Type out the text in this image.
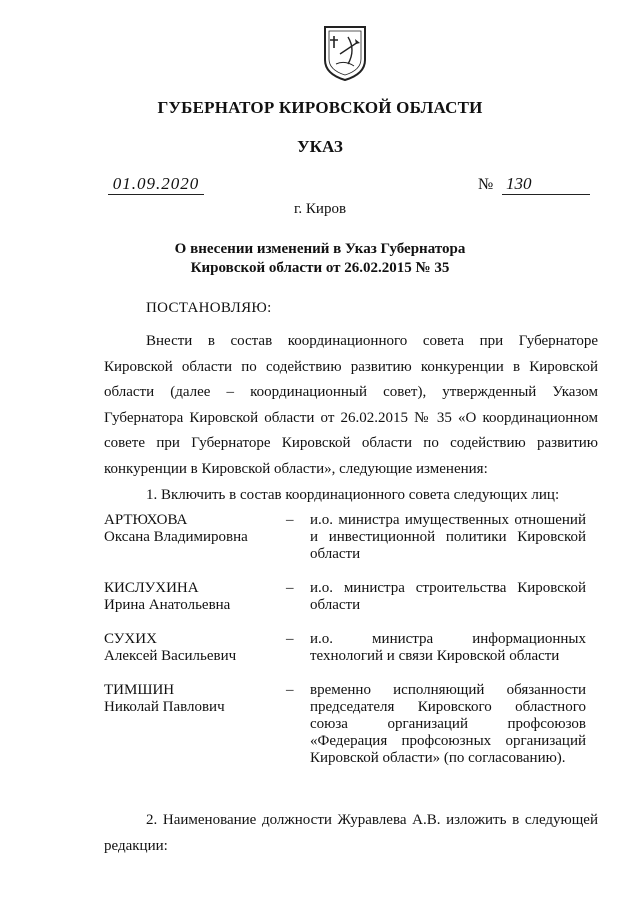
ГУБЕРНАТОР КИРОВСКОЙ ОБЛАСТИ
УКАЗ
01.09.2020	№ 130
г. Киров
О внесении изменений в Указ Губернатора
Кировской области от 26.02.2015 № 35
ПОСТАНОВЛЯЮ:
Внести в состав координационного совета при Губернаторе Кировской области по содействию развитию конкуренции в Кировской области (далее – координационный совет), утвержденный Указом Губернатора Кировской области от 26.02.2015 № 35 «О координационном совете при Губернаторе Кировской области по содействию развитию конкуренции в Кировской области», следующие изменения:
1. Включить в состав координационного совета следующих лиц:
АРТЮХОВА
Оксана Владимировна
– и.о. министра имущественных отношений и инвестиционной политики Кировской области
КИСЛУХИНА
Ирина Анатольевна
– и.о. министра строительства Кировской области
СУХИХ
Алексей Васильевич
– и.о. министра информационных технологий и связи Кировской области
ТИМШИН
Николай Павлович
– временно исполняющий обязанности председателя Кировского областного союза организаций профсоюзов «Федерация профсоюзных организаций Кировской области» (по согласованию).
2. Наименование должности Журавлева А.В. изложить в следующей редакции:
